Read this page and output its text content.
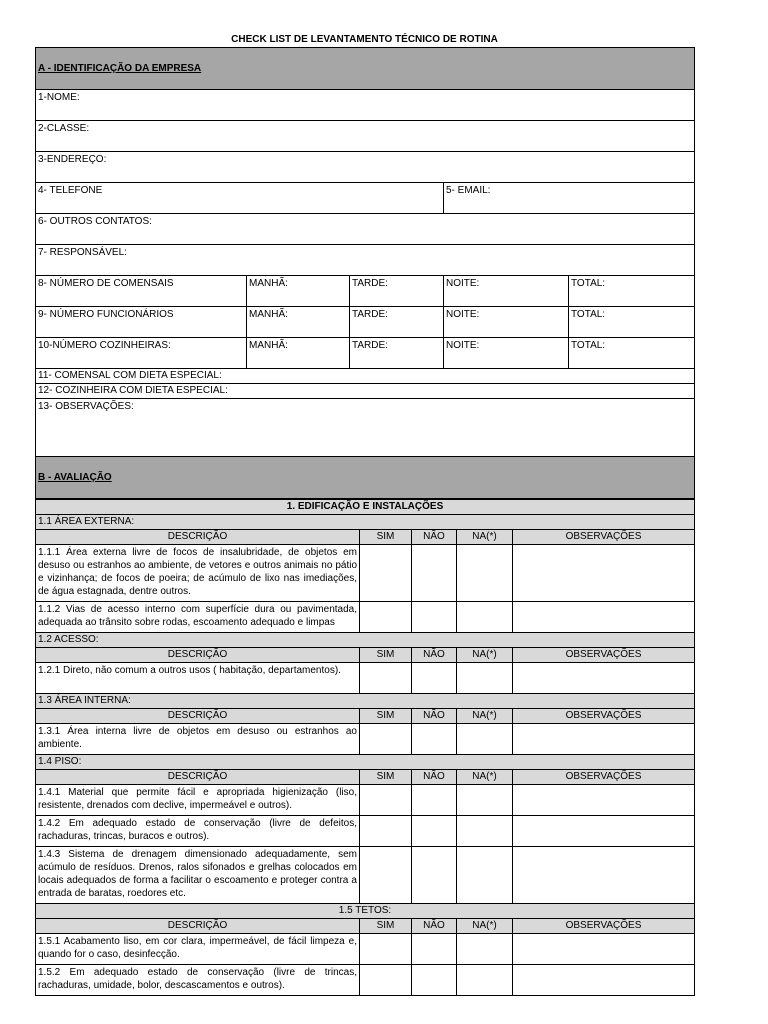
CHECK LIST DE LEVANTAMENTO TÉCNICO DE ROTINA
A - IDENTIFICAÇÃO DA EMPRESA				
1-NOME:				
2-CLASSE:				
3-ENDEREÇO:				
4- TELEFONE			5- EMAIL:	
6- OUTROS CONTATOS:				
7- RESPONSÁVEL:				
8- NÚMERO DE COMENSAIS	MANHÃ:	TARDE:	NOITE:	TOTAL:
9- NÚMERO FUNCIONÁRIOS	MANHÃ:	TARDE:	NOITE:	TOTAL:
10-NÚMERO COZINHEIRAS:	MANHÃ:	TARDE:	NOITE:	TOTAL:
11- COMENSAL COM DIETA ESPECIAL:				
12- COZINHEIRA COM DIETA ESPECIAL:				
13- OBSERVAÇÕES:				
B - AVALIAÇÃO				
1. EDIFICAÇÃO E INSTALAÇÕES				
1.1 ÁREA EXTERNA:				
DESCRIÇÃO	SIM	NÃO	NA(*)	OBSERVAÇÕES
1.1.1 Área externa livre de focos de insalubridade, de objetos em desuso ou estranhos ao ambiente, de vetores e outros animais no pátio e vizinhança; de focos de poeira; de acúmulo de lixo nas imediações, de água estagnada, dentre outros.				
1.1.2 Vias de acesso interno com superfície dura ou pavimentada, adequada ao trânsito sobre rodas, escoamento adequado e limpas				
1.2 ACESSO:				
DESCRIÇÃO	SIM	NÃO	NA(*)	OBSERVAÇÕES
1.2.1 Direto, não comum a outros usos ( habitação, departamentos).				
1.3 ÁREA INTERNA:				
DESCRIÇÃO	SIM	NÃO	NA(*)	OBSERVAÇÕES
1.3.1 Área interna livre de objetos em desuso ou estranhos ao ambiente.				
1.4 PISO:				
DESCRIÇÃO	SIM	NÃO	NA(*)	OBSERVAÇÕES
1.4.1 Material que permite fácil e apropriada higienização (liso, resistente, drenados com declive, impermeável e outros).				
1.4.2 Em adequado estado de conservação (livre de defeitos, rachaduras, trincas, buracos e outros).				
1.4.3 Sistema de drenagem dimensionado adequadamente, sem acúmulo de resíduos. Drenos, ralos sifonados e grelhas colocados em locais adequados de forma a facilitar o escoamento e proteger contra a entrada de baratas, roedores etc.				
1.5 TETOS:				
DESCRIÇÃO	SIM	NÃO	NA(*)	OBSERVAÇÕES
1.5.1 Acabamento liso, em cor clara, impermeável, de fácil limpeza e, quando for o caso, desinfecção.				
1.5.2 Em adequado estado de conservação (livre de trincas, rachaduras, umidade, bolor, descascamentos e outros).				
